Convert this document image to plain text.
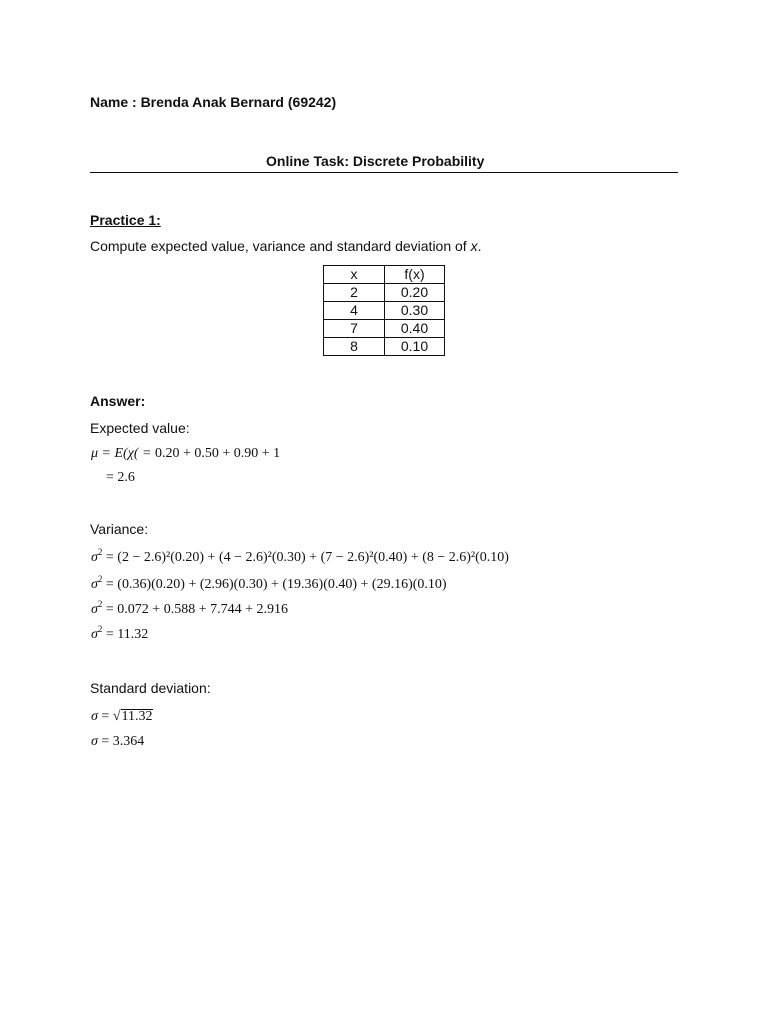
Name : Brenda Anak Bernard (69242)
Online Task: Discrete Probability
Practice 1:
Compute expected value, variance and standard deviation of x.
x	f(x)
2	0.20
4	0.30
7	0.40
8	0.10
Answer:
Expected value:
μ = E(χ( = 0.20 + 0.50 + 0.90 + 1
= 2.6
Variance:
$\sigma^2 = (2 - 2.6)^2(0.20) + (4 - 2.6)^2(0.30) + (7 - 2.6)^2(0.40) + (8 - 2.6)^2(0.10)$
$\sigma^2 = (0.36)(0.20) + (2.96)(0.30) + (19.36)(0.40) + (29.16)(0.10)$
$\sigma^2 = 0.072 + 0.588 + 7.744 + 2.916$
$\sigma^2 = 11.32$
Standard deviation:
σ = √11.32
σ = 3.364
